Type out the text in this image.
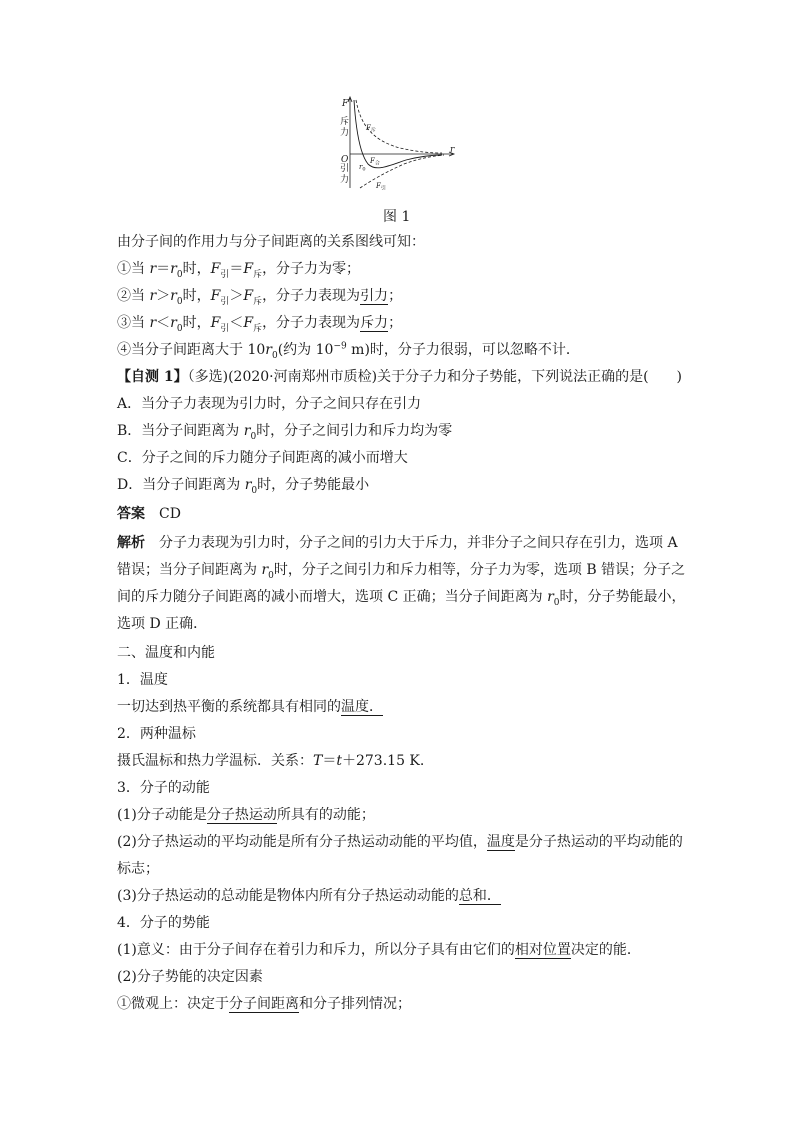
F
r
O
斥
力
引
力
$r_0$
$F_斥$
$F_合$
$F_引$
图 1
由分子间的作用力与分子间距离的关系图线可知：
①当 $r=r_0$时，$F_引=F_斥$，分子力为零；
②当 $r>r_0$时，$F_引>F_斥$，分子力表现为引力；
③当 $r<r_0$时，$F_引<F_斥$，分子力表现为斥力；
④当分子间距离大于 $10r_0$(约为 $10^{-9}$ m)时，分子力很弱，可以忽略不计．
【自测 1】（多选)(2020·河南郑州市质检)关于分子力和分子势能，下列说法正确的是(　　)
A．当分子力表现为引力时，分子之间只存在引力
B．当分子间距离为 $r_0$时，分子之间引力和斥力均为零
C．分子之间的斥力随分子间距离的减小而增大
D．当分子间距离为 $r_0$时，分子势能最小
答案　CD
解析　分子力表现为引力时，分子之间的引力大于斥力，并非分子之间只存在引力，选项 A
错误；当分子间距离为 $r_0$时，分子之间引力和斥力相等，分子力为零，选项 B 错误；分子之
间的斥力随分子间距离的减小而增大，选项 C 正确；当分子间距离为 $r_0$时，分子势能最小，
选项 D 正确．
二、温度和内能
1．温度
一切达到热平衡的系统都具有相同的温度．
2．两种温标
摄氏温标和热力学温标．关系：T＝t＋273.15 K.
3．分子的动能
(1)分子动能是分子热运动所具有的动能；
(2)分子热运动的平均动能是所有分子热运动动能的平均值，温度是分子热运动的平均动能的
标志；
(3)分子热运动的总动能是物体内所有分子热运动动能的总和．
4．分子的势能
(1)意义：由于分子间存在着引力和斥力，所以分子具有由它们的相对位置决定的能．
(2)分子势能的决定因素
①微观上：决定于分子间距离和分子排列情况；
